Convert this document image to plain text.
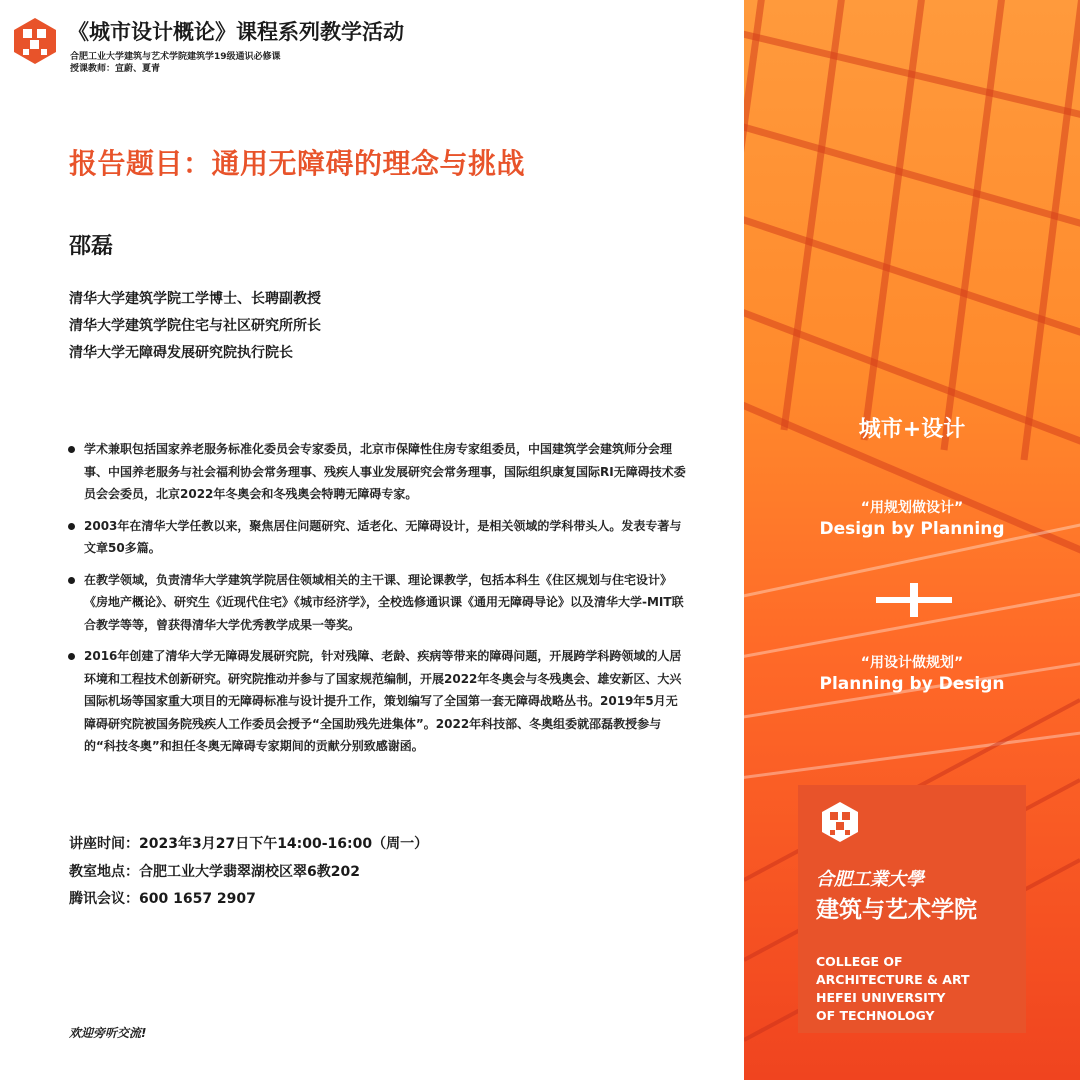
《城市设计概论》课程系列教学活动
合肥工业大学建筑与艺术学院建筑学19级通识必修课
授课教师：宣蔚、夏青
报告题目：通用无障碍的理念与挑战
邵磊
清华大学建筑学院工学博士、长聘副教授
清华大学建筑学院住宅与社区研究所所长
清华大学无障碍发展研究院执行院长
学术兼职包括国家养老服务标准化委员会专家委员，北京市保障性住房专家组委员，中国建筑学会建筑师分会理事、中国养老服务与社会福利协会常务理事、残疾人事业发展研究会常务理事，国际组织康复国际RI无障碍技术委员会会委员，北京2022年冬奥会和冬残奥会特聘无障碍专家。
2003年在清华大学任教以来，聚焦居住问题研究、适老化、无障碍设计，是相关领域的学科带头人。发表专著与文章50多篇。
在教学领域，负责清华大学建筑学院居住领域相关的主干课、理论课教学，包括本科生《住区规划与住宅设计》《房地产概论》、研究生《近现代住宅》《城市经济学》，全校选修通识课《通用无障碍导论》以及清华大学-MIT联合教学等等，曾获得清华大学优秀教学成果一等奖。
2016年创建了清华大学无障碍发展研究院，针对残障、老龄、疾病等带来的障碍问题，开展跨学科跨领域的人居环境和工程技术创新研究。研究院推动并参与了国家规范编制，开展2022年冬奥会与冬残奥会、雄安新区、大兴国际机场等国家重大项目的无障碍标准与设计提升工作，策划编写了全国第一套无障碍战略丛书。2019年5月无障碍研究院被国务院残疾人工作委员会授予“全国助残先进集体”。2022年科技部、冬奥组委就邵磊教授参与的“科技冬奥”和担任冬奥无障碍专家期间的贡献分别致感谢函。
讲座时间：2023年3月27日下午14:00-16:00（周一）
教室地点：合肥工业大学翡翠湖校区翠6教202
腾讯会议：600 1657 2907
欢迎旁听交流!
城市+设计
“用规划做设计”
Design by Planning
“用设计做规划”
Planning by Design
合肥工業大學
建筑与艺术学院
COLLEGE OF
ARCHITECTURE & ART
HEFEI UNIVERSITY
OF TECHNOLOGY
